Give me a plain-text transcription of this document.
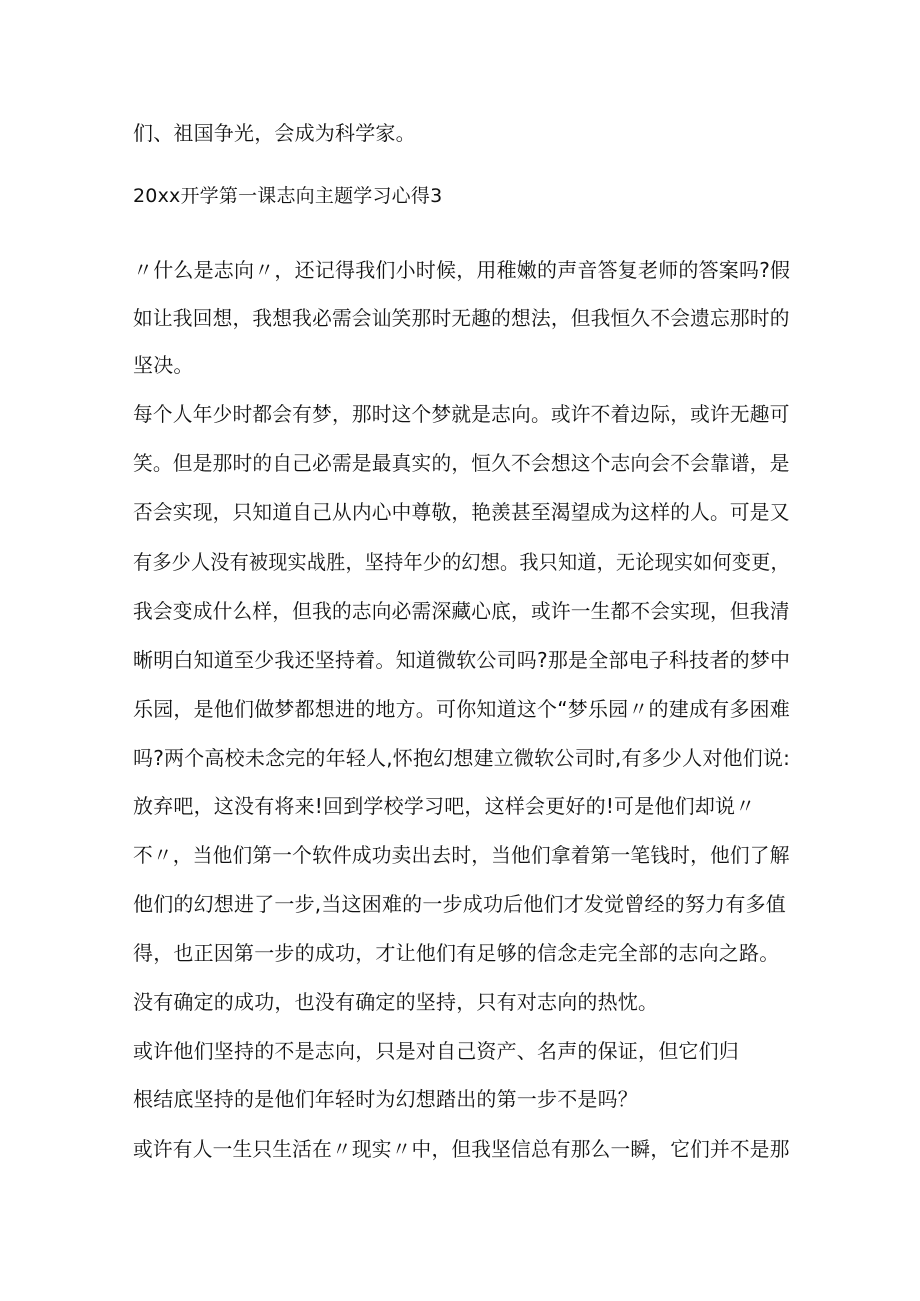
们、祖国争光，会成为科学家。
20xx开学第一课志向主题学习心得3
〃什么是志向〃，还记得我们小时候，用稚嫩的声音答复老师的答案吗?假
如让我回想，我想我必需会讪笑那时无趣的想法，但我恒久不会遗忘那时的
坚决。
每个人年少时都会有梦，那时这个梦就是志向。或许不着边际，或许无趣可
笑。但是那时的自己必需是最真实的，恒久不会想这个志向会不会靠谱，是
否会实现，只知道自己从内心中尊敬，艳羡甚至渴望成为这样的人。可是又
有多少人没有被现实战胜，坚持年少的幻想。我只知道，无论现实如何变更，
我会变成什么样，但我的志向必需深藏心底，或许一生都不会实现，但我清
晰明白知道至少我还坚持着。知道微软公司吗?那是全部电子科技者的梦中
乐园，是他们做梦都想进的地方。可你知道这个“梦乐园〃的建成有多困难
吗?两个高校未念完的年轻人,怀抱幻想建立微软公司时,有多少人对他们说:
放弃吧，这没有将来!回到学校学习吧，这样会更好的!可是他们却说〃
不〃，当他们第一个软件成功卖出去时，当他们拿着第一笔钱时，他们了解
他们的幻想进了一步,当这困难的一步成功后他们才发觉曾经的努力有多值
得，也正因第一步的成功，才让他们有足够的信念走完全部的志向之路。
没有确定的成功，也没有确定的坚持，只有对志向的热忱。
或许他们坚持的不是志向，只是对自己资产、名声的保证，但它们归
根结底坚持的是他们年轻时为幻想踏出的第一步不是吗？
或许有人一生只生活在〃现实〃中，但我坚信总有那么一瞬，它们并不是那
